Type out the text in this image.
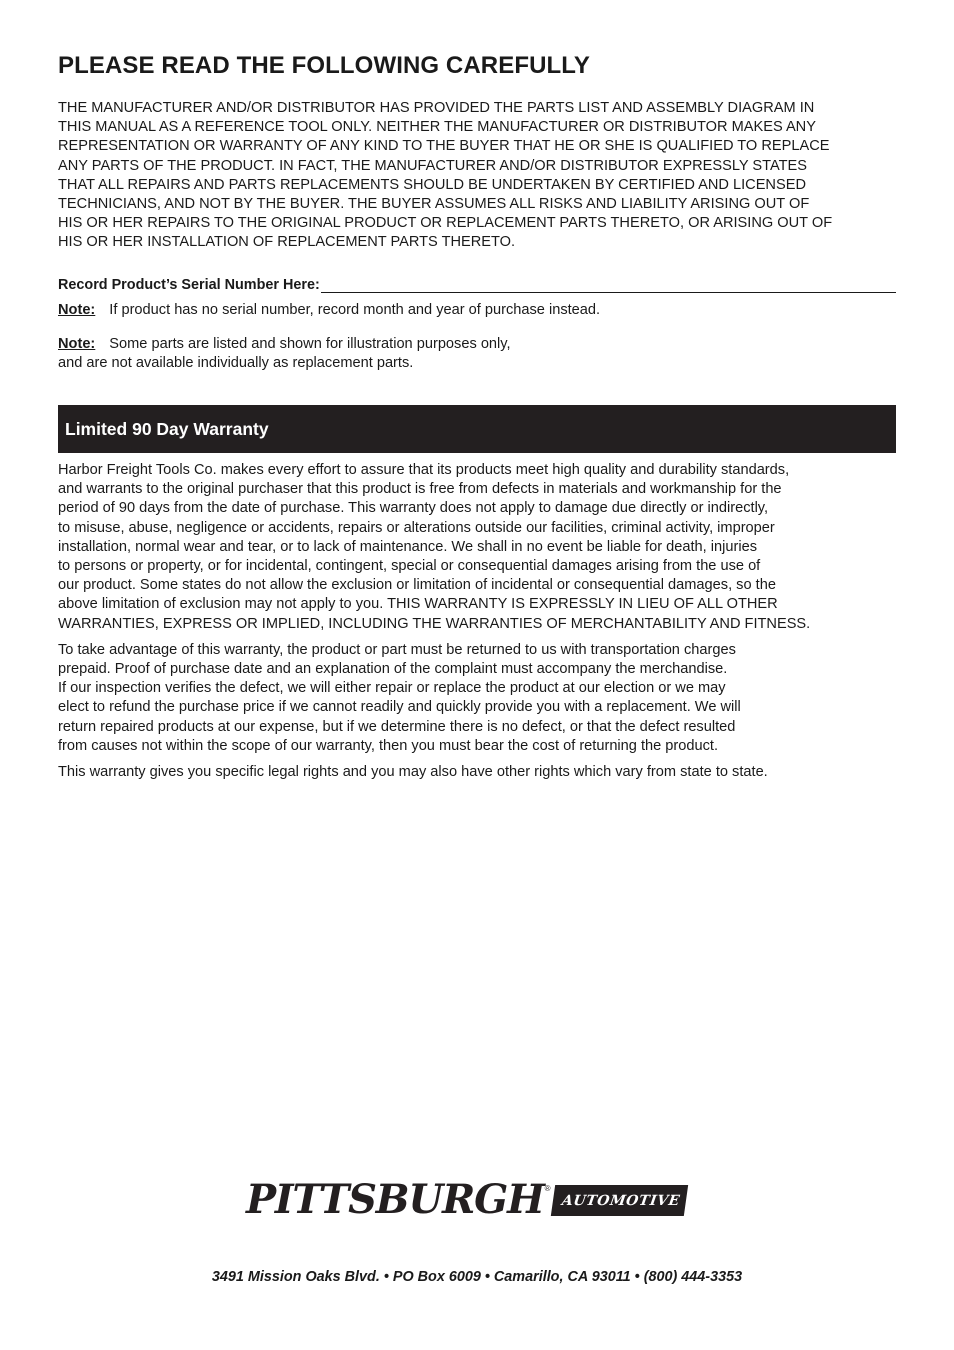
PLEASE READ THE FOLLOWING CAREFULLY

THE MANUFACTURER AND/OR DISTRIBUTOR HAS PROVIDED THE PARTS LIST AND ASSEMBLY DIAGRAM IN
THIS MANUAL AS A REFERENCE TOOL ONLY. NEITHER THE MANUFACTURER OR DISTRIBUTOR MAKES ANY
REPRESENTATION OR WARRANTY OF ANY KIND TO THE BUYER THAT HE OR SHE IS QUALIFIED TO REPLACE
ANY PARTS OF THE PRODUCT. IN FACT, THE MANUFACTURER AND/OR DISTRIBUTOR EXPRESSLY STATES
THAT ALL REPAIRS AND PARTS REPLACEMENTS SHOULD BE UNDERTAKEN BY CERTIFIED AND LICENSED
TECHNICIANS, AND NOT BY THE BUYER. THE BUYER ASSUMES ALL RISKS AND LIABILITY ARISING OUT OF
HIS OR HER REPAIRS TO THE ORIGINAL PRODUCT OR REPLACEMENT PARTS THERETO, OR ARISING OUT OF
HIS OR HER INSTALLATION OF REPLACEMENT PARTS THERETO.

Record Product’s Serial Number Here:

Note: If product has no serial number, record month and year of purchase instead.

Note: Some parts are listed and shown for illustration purposes only,
and are not available individually as replacement parts.

Limited 90 Day Warranty

Harbor Freight Tools Co. makes every effort to assure that its products meet high quality and durability standards,
and warrants to the original purchaser that this product is free from defects in materials and workmanship for the
period of 90 days from the date of purchase. This warranty does not apply to damage due directly or indirectly,
to misuse, abuse, negligence or accidents, repairs or alterations outside our facilities, criminal activity, improper
installation, normal wear and tear, or to lack of maintenance. We shall in no event be liable for death, injuries
to persons or property, or for incidental, contingent, special or consequential damages arising from the use of
our product. Some states do not allow the exclusion or limitation of incidental or consequential damages, so the
above limitation of exclusion may not apply to you. THIS WARRANTY IS EXPRESSLY IN LIEU OF ALL OTHER
WARRANTIES, EXPRESS OR IMPLIED, INCLUDING THE WARRANTIES OF MERCHANTABILITY AND FITNESS.

To take advantage of this warranty, the product or part must be returned to us with transportation charges
prepaid. Proof of purchase date and an explanation of the complaint must accompany the merchandise.
If our inspection verifies the defect, we will either repair or replace the product at our election or we may
elect to refund the purchase price if we cannot readily and quickly provide you with a replacement. We will
return repaired products at our expense, but if we determine there is no defect, or that the defect resulted
from causes not within the scope of our warranty, then you must bear the cost of returning the product.

This warranty gives you specific legal rights and you may also have other rights which vary from state to state.

PITTSBURGH ®
AUTOMOTIVE

3491 Mission Oaks Blvd. • PO Box 6009 • Camarillo, CA 93011 • (800) 444-3353
